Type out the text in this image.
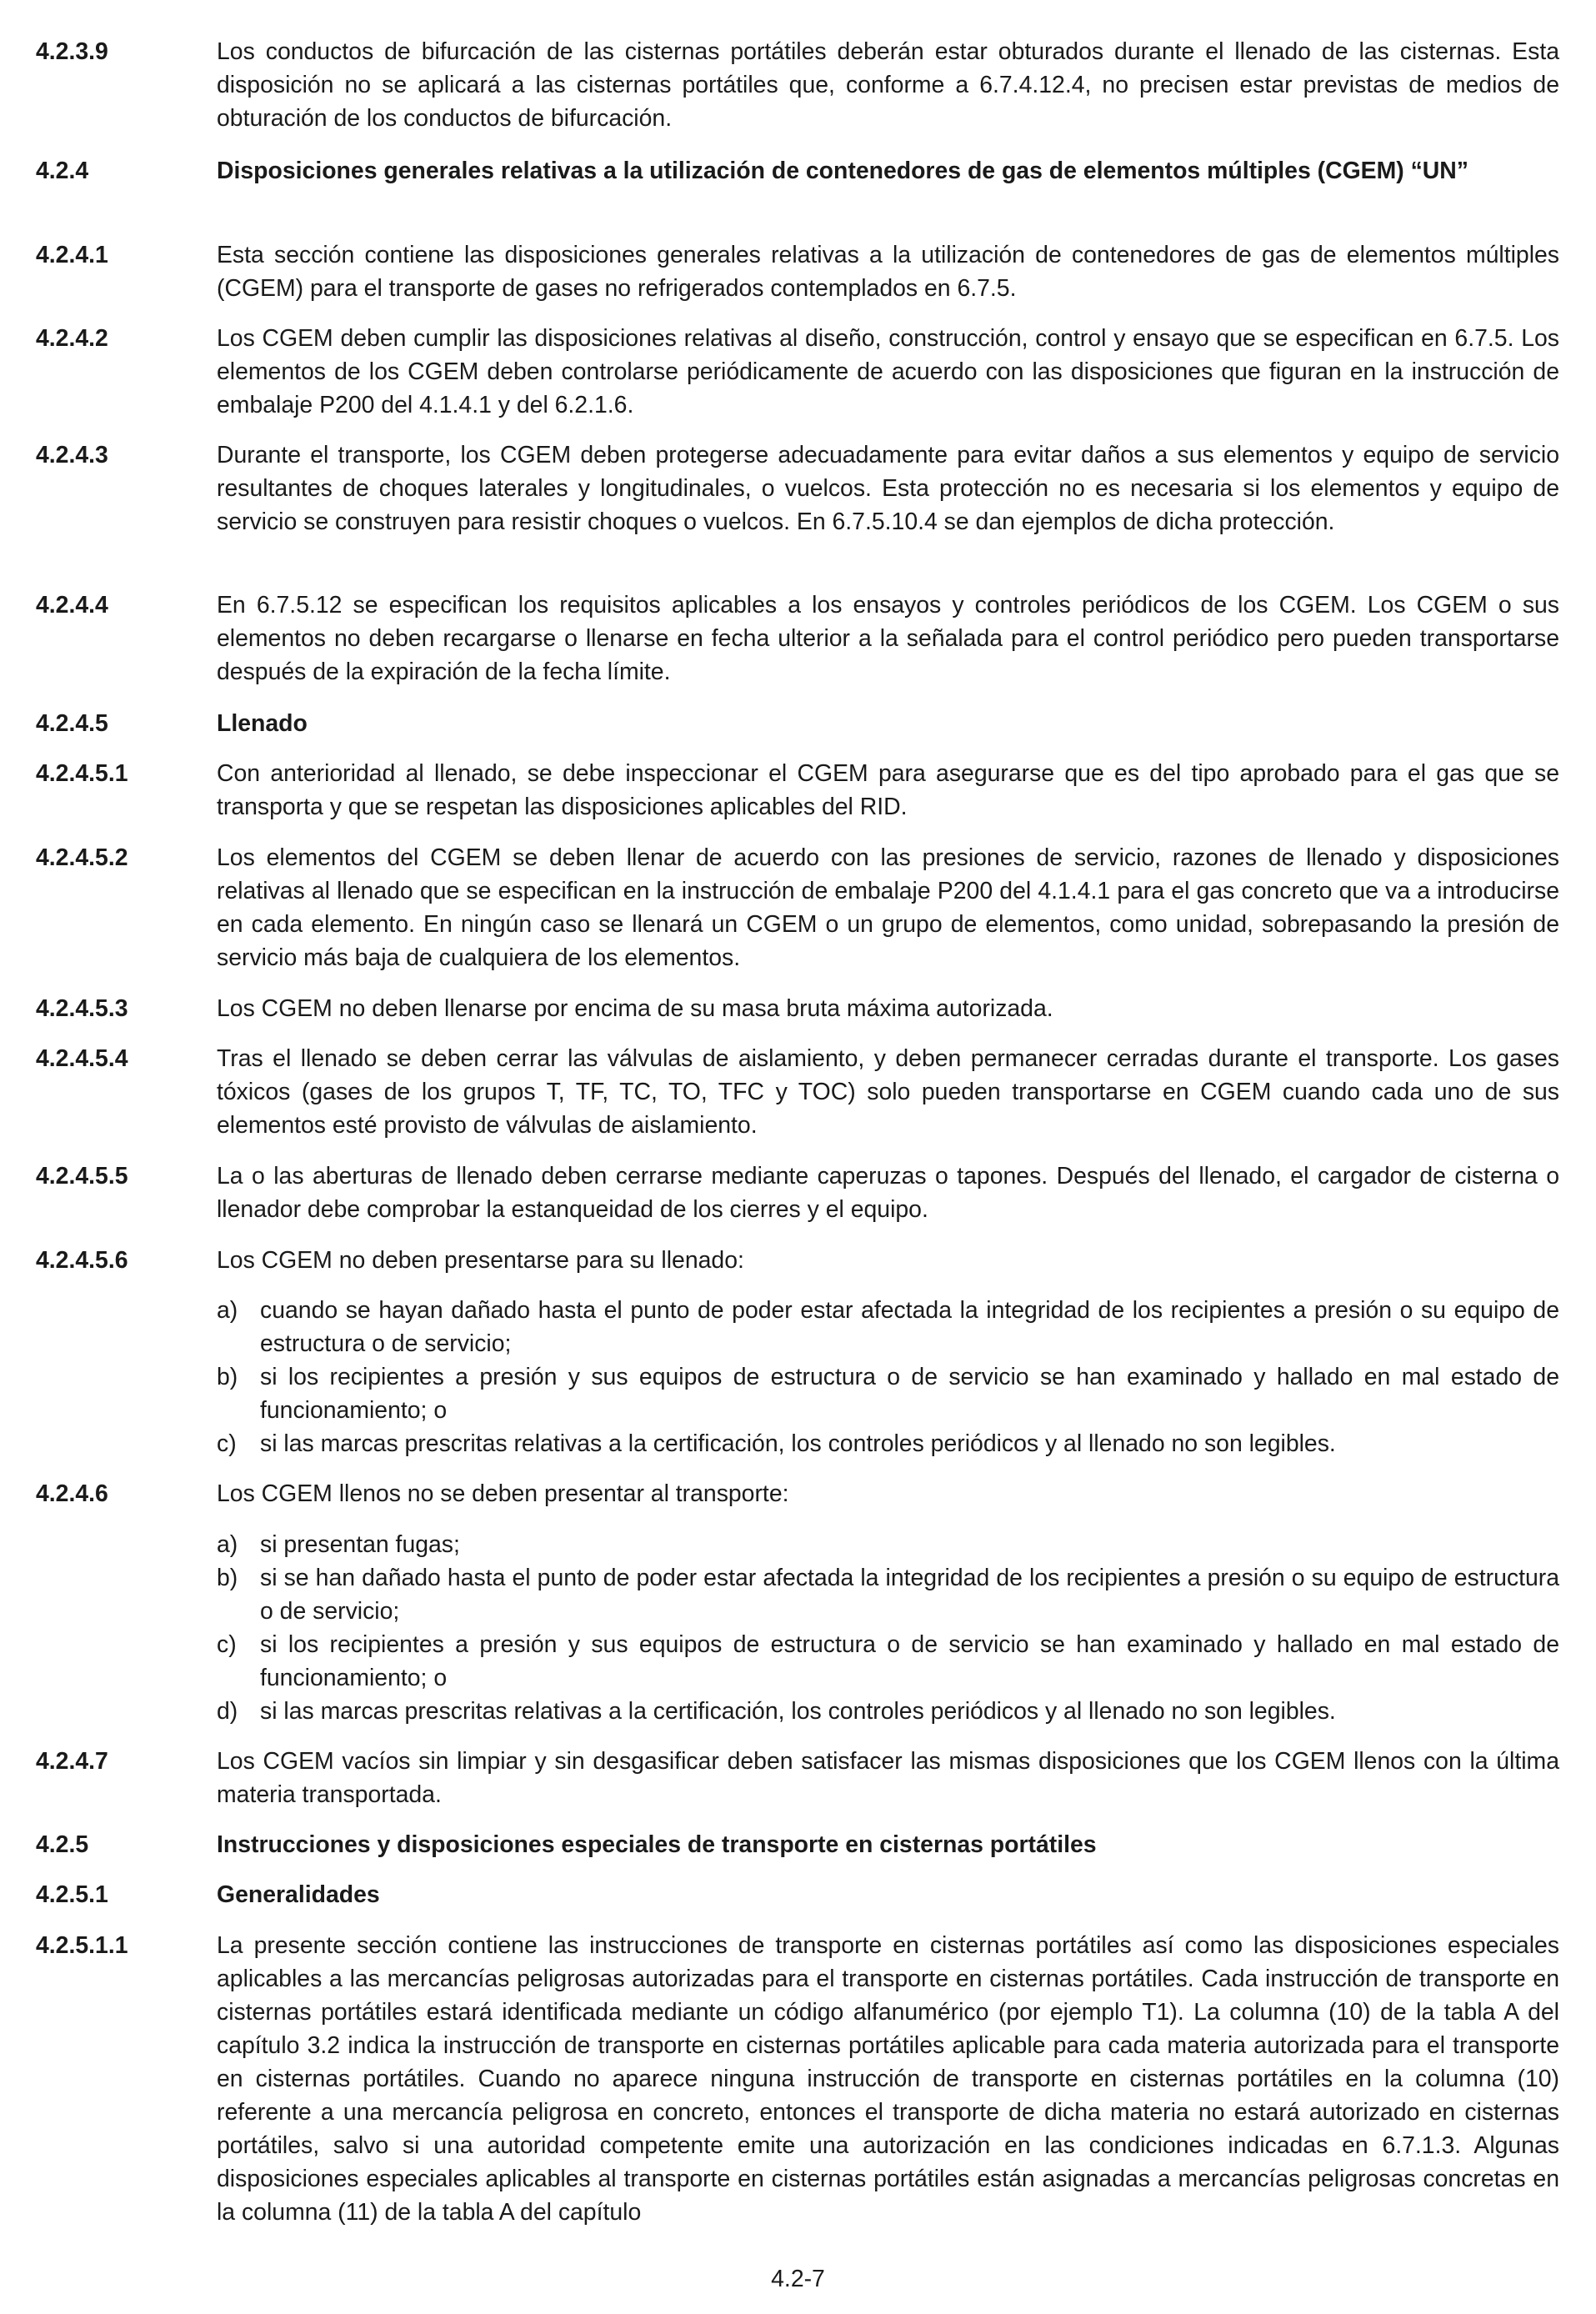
4.2.3.9	Los conductos de bifurcación de las cisternas portátiles deberán estar obturados durante el llenado de las cisternas. Esta disposición no se aplicará a las cisternas portátiles que, conforme a 6.7.4.12.4, no precisen estar previstas de medios de obturación de los conductos de bifurcación.
4.2.4	Disposiciones generales relativas a la utilización de contenedores de gas de elementos múltiples (CGEM) “UN”
4.2.4.1	Esta sección contiene las disposiciones generales relativas a la utilización de contenedores de gas de elementos múltiples (CGEM) para el transporte de gases no refrigerados contemplados en 6.7.5.
4.2.4.2	Los CGEM deben cumplir las disposiciones relativas al diseño, construcción, control y ensayo que se especifican en 6.7.5. Los elementos de los CGEM deben controlarse periódicamente de acuerdo con las disposiciones que figuran en la instrucción de embalaje P200 del 4.1.4.1 y del 6.2.1.6.
4.2.4.3	Durante el transporte, los CGEM deben protegerse adecuadamente para evitar daños a sus elementos y equipo de servicio resultantes de choques laterales y longitudinales, o vuelcos. Esta protección no es necesaria si los elementos y equipo de servicio se construyen para resistir choques o vuelcos. En 6.7.5.10.4 se dan ejemplos de dicha protección.
4.2.4.4	En 6.7.5.12 se especifican los requisitos aplicables a los ensayos y controles periódicos de los CGEM. Los CGEM o sus elementos no deben recargarse o llenarse en fecha ulterior a la señalada para el control periódico pero pueden transportarse después de la expiración de la fecha límite.
4.2.4.5	Llenado
4.2.4.5.1	Con anterioridad al llenado, se debe inspeccionar el CGEM para asegurarse que es del tipo aprobado para el gas que se transporta y que se respetan las disposiciones aplicables del RID.
4.2.4.5.2	Los elementos del CGEM se deben llenar de acuerdo con las presiones de servicio, razones de llenado y disposiciones relativas al llenado que se especifican en la instrucción de embalaje P200 del 4.1.4.1 para el gas concreto que va a introducirse en cada elemento. En ningún caso se llenará un CGEM o un grupo de elementos, como unidad, sobrepasando la presión de servicio más baja de cualquiera de los elementos.
4.2.4.5.3	Los CGEM no deben llenarse por encima de su masa bruta máxima autorizada.
4.2.4.5.4	Tras el llenado se deben cerrar las válvulas de aislamiento, y deben permanecer cerradas durante el transporte. Los gases tóxicos (gases de los grupos T, TF, TC, TO, TFC y TOC) solo pueden transportarse en CGEM cuando cada uno de sus elementos esté provisto de válvulas de aislamiento.
4.2.4.5.5	La o las aberturas de llenado deben cerrarse mediante caperuzas o tapones. Después del llenado, el cargador de cisterna o llenador debe comprobar la estanqueidad de los cierres y el equipo.
4.2.4.5.6	Los CGEM no deben presentarse para su llenado:
a) cuando se hayan dañado hasta el punto de poder estar afectada la integridad de los recipientes a presión o su equipo de estructura o de servicio;
b) si los recipientes a presión y sus equipos de estructura o de servicio se han examinado y hallado en mal estado de funcionamiento; o
c) si las marcas prescritas relativas a la certificación, los controles periódicos y al llenado no son legibles.
4.2.4.6	Los CGEM llenos no se deben presentar al transporte:
a) si presentan fugas;
b) si se han dañado hasta el punto de poder estar afectada la integridad de los recipientes a presión o su equipo de estructura o de servicio;
c) si los recipientes a presión y sus equipos de estructura o de servicio se han examinado y hallado en mal estado de funcionamiento; o
d) si las marcas prescritas relativas a la certificación, los controles periódicos y al llenado no son legibles.
4.2.4.7	Los CGEM vacíos sin limpiar y sin desgasificar deben satisfacer las mismas disposiciones que los CGEM llenos con la última materia transportada.
4.2.5	Instrucciones y disposiciones especiales de transporte en cisternas portátiles
4.2.5.1	Generalidades
4.2.5.1.1	La presente sección contiene las instrucciones de transporte en cisternas portátiles así como las disposiciones especiales aplicables a las mercancías peligrosas autorizadas para el transporte en cisternas portátiles. Cada instrucción de transporte en cisternas portátiles estará identificada mediante un código alfanumérico (por ejemplo T1). La columna (10) de la tabla A del capítulo 3.2 indica la instrucción de transporte en cisternas portátiles aplicable para cada materia autorizada para el transporte en cisternas portátiles. Cuando no aparece ninguna instrucción de transporte en cisternas portátiles en la columna (10) referente a una mercancía peligrosa en concreto, entonces el transporte de dicha materia no estará autorizado en cisternas portátiles, salvo si una autoridad competente emite una autorización en las condiciones indicadas en 6.7.1.3. Algunas disposiciones especiales aplicables al transporte en cisternas portátiles están asignadas a mercancías peligrosas concretas en la columna (11) de la tabla A del capítulo
4.2-7
